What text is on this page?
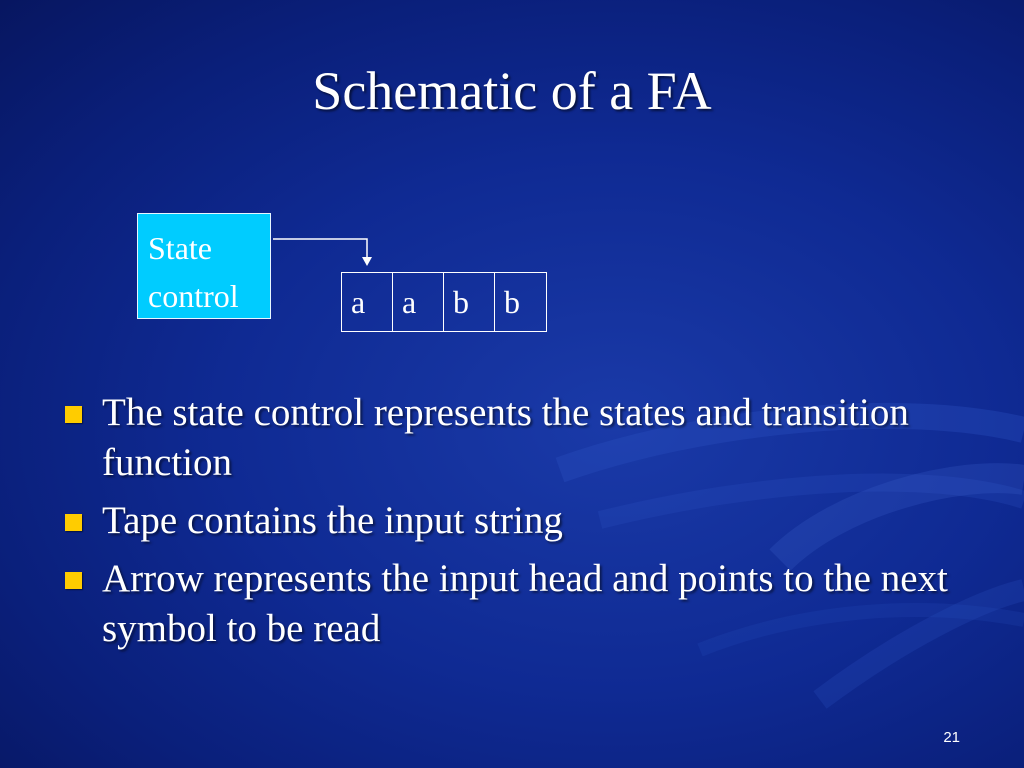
Schematic of a FA
State
control	a	a	b	b
The state control represents the states and transition function
Tape contains the input string
Arrow represents the input head and points to the next symbol to be read
21
